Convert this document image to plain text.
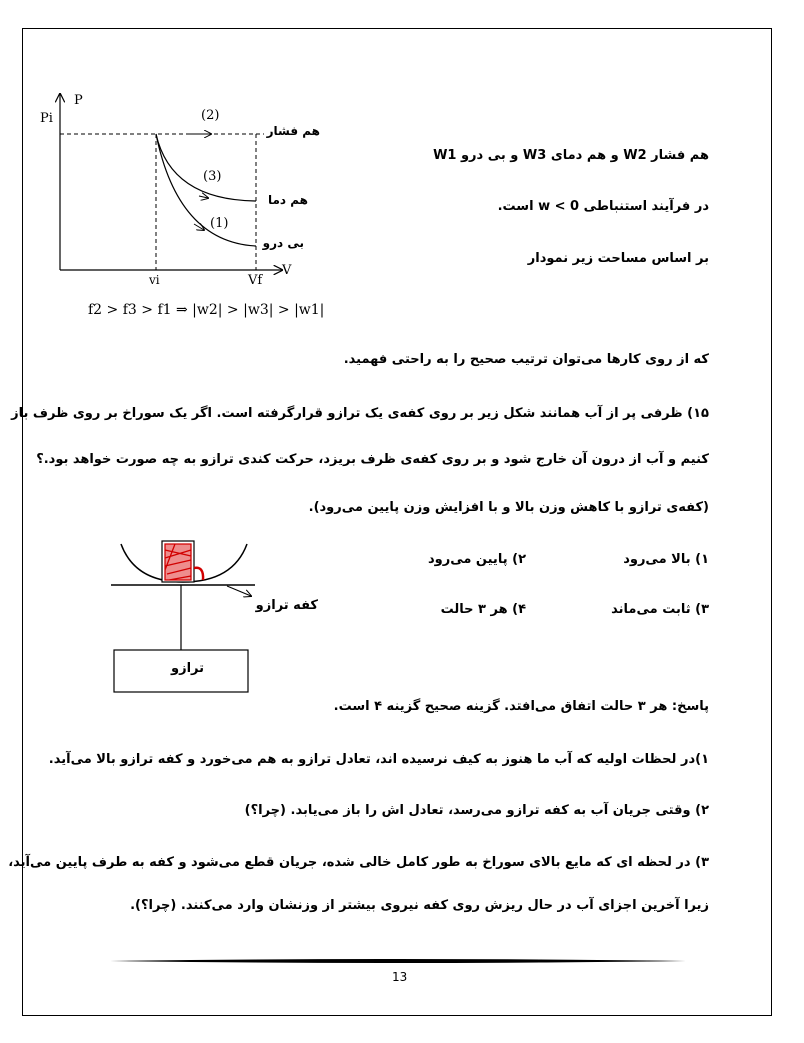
P
V
Pi
vi	Vf
(2)
(3)
(1)
هم فشار
هم دما
بی درو
f2 > f3 > f1 ⇒ |w2| > |w3| > |w1|
هم فشار W2 و هم دمای W3 و بی درو W1
در فرآیند استنباطی w < 0 است.
بر اساس مساحت زیر نمودار
که از روی کارها می‌توان ترتیب صحیح را به راحتی فهمید.
۱۵) ظرفی پر از آب همانند شکل زیر بر روی کفه‌ی یک ترازو قرارگرفته است. اگر یک سوراخ بر روی ظرف باز
کنیم و آب از درون آن خارج شود و بر روی کفه‌ی ظرف بریزد، حرکت کندی ترازو به چه صورت خواهد بود.؟
(کفه‌ی ترازو با کاهش وزن بالا و با افزایش وزن پایین می‌رود).
۱) بالا می‌رود
۲) پایین می‌رود
۳) ثابت می‌ماند
۴) هر ۳ حالت
کفه ترازو
ترازو
پاسخ: هر ۳ حالت اتفاق می‌افتد. گزینه صحیح گزینه ۴ است.
۱)در لحظات اولیه که آب ما هنوز به کیف نرسیده اند، تعادل ترازو به هم می‌خورد و کفه ترازو بالا می‌آید.
۲) وقتی جریان آب به کفه ترازو می‌رسد، تعادل اش را باز می‌یابد. (چرا؟)
۳) در لحظه ای که مایع بالای سوراخ به طور کامل خالی شده، جریان قطع می‌شود و کفه به طرف پایین می‌آید،
زیرا آخرین اجزای آب در حال ریزش روی کفه نیروی بیشتر از وزنشان وارد می‌کنند. (چرا؟).
13
